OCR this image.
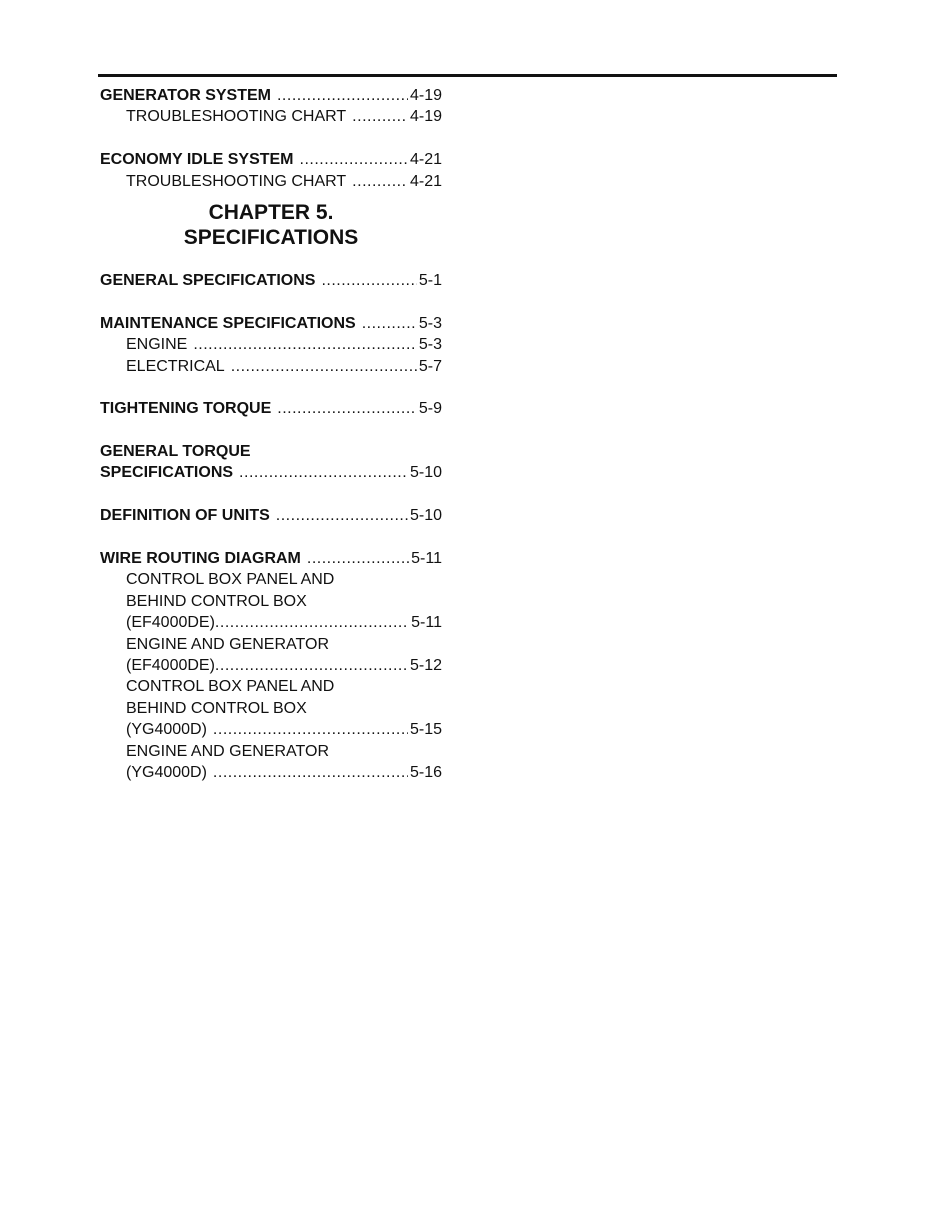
GENERATOR SYSTEM .....	4-19
TROUBLESHOOTING CHART .....	4-19
ECONOMY IDLE SYSTEM .....	4-21
TROUBLESHOOTING CHART .....	4-21
CHAPTER 5.
SPECIFICATIONS
GENERAL SPECIFICATIONS .....	5-1
MAINTENANCE SPECIFICATIONS .....	5-3
ENGINE .....	5-3
ELECTRICAL .....	5-7
TIGHTENING TORQUE .....	5-9
GENERAL TORQUE
SPECIFICATIONS .....	5-10
DEFINITION OF UNITS .....	5-10
WIRE ROUTING DIAGRAM .....	5-11
CONTROL BOX PANEL AND
BEHIND CONTROL BOX
(EF4000DE) .....	5-11
ENGINE AND GENERATOR
(EF4000DE) .....	5-12
CONTROL BOX PANEL AND
BEHIND CONTROL BOX
(YG4000D) .....	5-15
ENGINE AND GENERATOR
(YG4000D) .....	5-16
